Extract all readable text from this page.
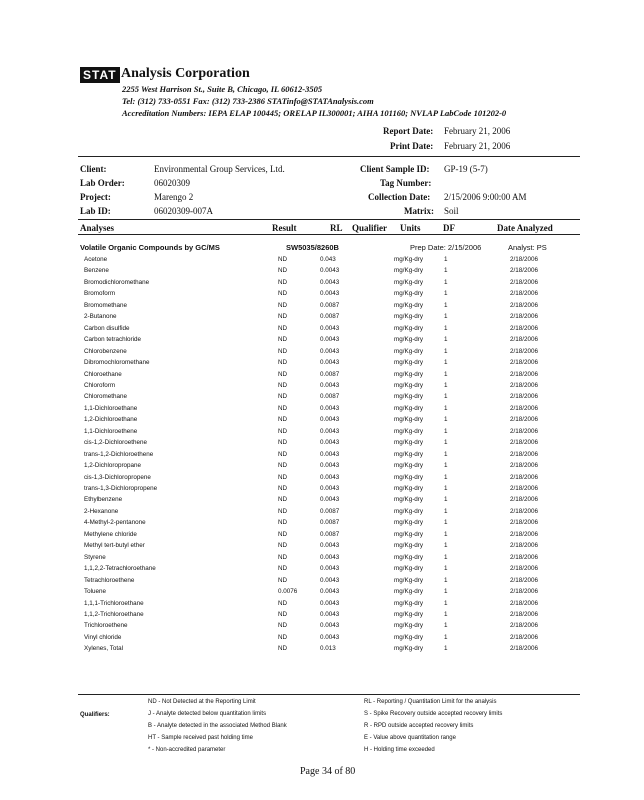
STAT Analysis Corporation
2255 West Harrison St., Suite B, Chicago, IL 60612-3505
Tel: (312) 733-0551 Fax: (312) 733-2386 STATinfo@STATAnalysis.com
Accreditation Numbers: IEPA ELAP 100445; ORELAP IL300001; AIHA 101160; NVLAP LabCode 101202-0
Report Date: February 21, 2006
Print Date: February 21, 2006
Client:	Environmental Group Services, Ltd.
Lab Order:	06020309
Project:	Marengo 2
Lab ID:	06020309-007A
Client Sample ID: GP-19 (5-7)
Tag Number:
Collection Date: 2/15/2006 9:00:00 AM
Matrix: Soil
Analyses	Result	RL Qualifier Units DF	Date Analyzed
Volatile Organic Compounds by GC/MS	SW5035/8260B	Prep Date: 2/15/2006	Analyst: PS
Acetone	ND	0.043	mg/Kg-dry	1	2/18/2006
Benzene	ND	0.0043	mg/Kg-dry	1	2/18/2006
Bromodichloromethane	ND	0.0043	mg/Kg-dry	1	2/18/2006
Bromoform	ND	0.0043	mg/Kg-dry	1	2/18/2006
Bromomethane	ND	0.0087	mg/Kg-dry	1	2/18/2006
2-Butanone	ND	0.0087	mg/Kg-dry	1	2/18/2006
Carbon disulfide	ND	0.0043	mg/Kg-dry	1	2/18/2006
Carbon tetrachloride	ND	0.0043	mg/Kg-dry	1	2/18/2006
Chlorobenzene	ND	0.0043	mg/Kg-dry	1	2/18/2006
Dibromochloromethane	ND	0.0043	mg/Kg-dry	1	2/18/2006
Chloroethane	ND	0.0087	mg/Kg-dry	1	2/18/2006
Chloroform	ND	0.0043	mg/Kg-dry	1	2/18/2006
Chloromethane	ND	0.0087	mg/Kg-dry	1	2/18/2006
1,1-Dichloroethane	ND	0.0043	mg/Kg-dry	1	2/18/2006
1,2-Dichloroethane	ND	0.0043	mg/Kg-dry	1	2/18/2006
1,1-Dichloroethene	ND	0.0043	mg/Kg-dry	1	2/18/2006
cis-1,2-Dichloroethene	ND	0.0043	mg/Kg-dry	1	2/18/2006
trans-1,2-Dichloroethene	ND	0.0043	mg/Kg-dry	1	2/18/2006
1,2-Dichloropropane	ND	0.0043	mg/Kg-dry	1	2/18/2006
cis-1,3-Dichloropropene	ND	0.0043	mg/Kg-dry	1	2/18/2006
trans-1,3-Dichloropropene	ND	0.0043	mg/Kg-dry	1	2/18/2006
Ethylbenzene	ND	0.0043	mg/Kg-dry	1	2/18/2006
2-Hexanone	ND	0.0087	mg/Kg-dry	1	2/18/2006
4-Methyl-2-pentanone	ND	0.0087	mg/Kg-dry	1	2/18/2006
Methylene chloride	ND	0.0087	mg/Kg-dry	1	2/18/2006
Methyl tert-butyl ether	ND	0.0043	mg/Kg-dry	1	2/18/2006
Styrene	ND	0.0043	mg/Kg-dry	1	2/18/2006
1,1,2,2-Tetrachloroethane	ND	0.0043	mg/Kg-dry	1	2/18/2006
Tetrachloroethene	ND	0.0043	mg/Kg-dry	1	2/18/2006
Toluene	0.0076	0.0043	mg/Kg-dry	1	2/18/2006
1,1,1-Trichloroethane	ND	0.0043	mg/Kg-dry	1	2/18/2006
1,1,2-Trichloroethane	ND	0.0043	mg/Kg-dry	1	2/18/2006
Trichloroethene	ND	0.0043	mg/Kg-dry	1	2/18/2006
Vinyl chloride	ND	0.0043	mg/Kg-dry	1	2/18/2006
Xylenes, Total	ND	0.013	mg/Kg-dry	1	2/18/2006
Qualifiers:
ND - Not Detected at the Reporting Limit
J - Analyte detected below quantitation limits
B - Analyte detected in the associated Method Blank
HT - Sample received past holding time
* - Non-accredited parameter
RL - Reporting / Quantitation Limit for the analysis
S - Spike Recovery outside accepted recovery limits
R - RPD outside accepted recovery limits
E - Value above quantitation range
H - Holding time exceeded
Page 34 of 80
